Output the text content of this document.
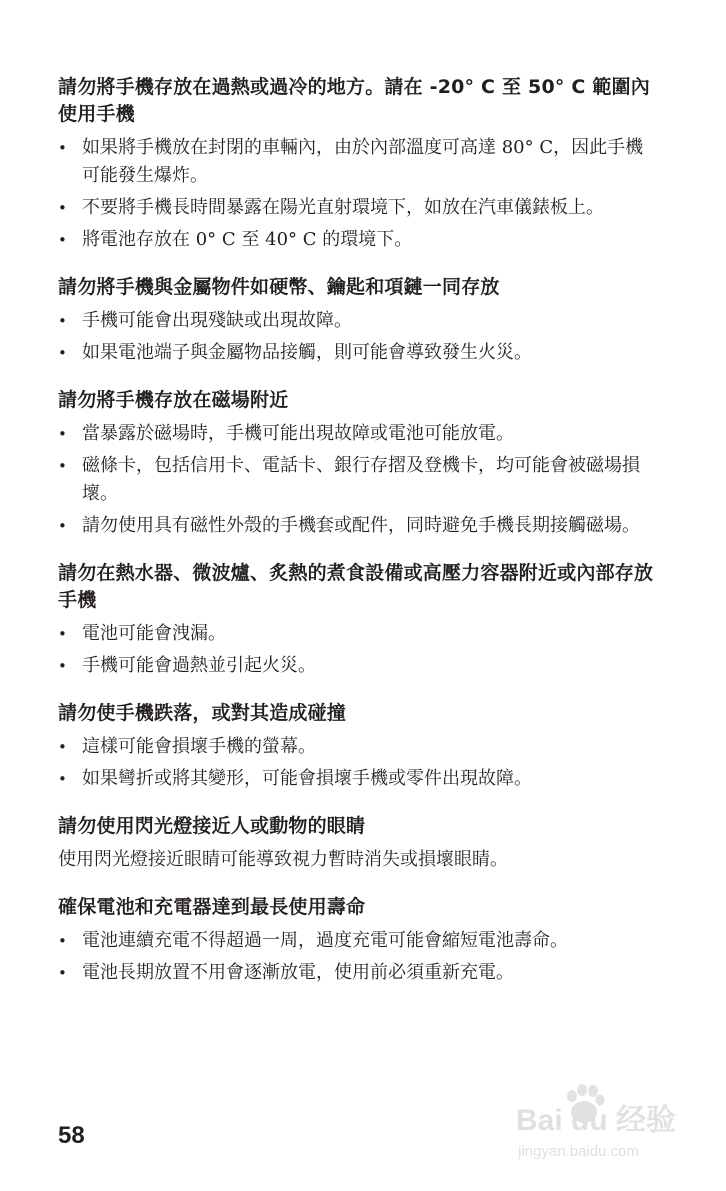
請勿將手機存放在過熱或過冷的地方。請在 -20° C 至 50° C 範圍內使用手機

• 如果將手機放在封閉的車輛內，由於內部溫度可高達 80° C，因此手機可能發生爆炸。
• 不要將手機長時間暴露在陽光直射環境下，如放在汽車儀錶板上。
• 將電池存放在 0° C 至 40° C 的環境下。

請勿將手機與金屬物件如硬幣、鑰匙和項鏈一同存放

• 手機可能會出現殘缺或出現故障。
• 如果電池端子與金屬物品接觸，則可能會導致發生火災。

請勿將手機存放在磁場附近

• 當暴露於磁場時，手機可能出現故障或電池可能放電。
• 磁條卡，包括信用卡、電話卡、銀行存摺及登機卡，均可能會被磁場損壞。
• 請勿使用具有磁性外殼的手機套或配件，同時避免手機長期接觸磁場。

請勿在熱水器、微波爐、炙熱的煮食設備或高壓力容器附近或內部存放手機

• 電池可能會洩漏。
• 手機可能會過熱並引起火災。

請勿使手機跌落，或對其造成碰撞

• 這樣可能會損壞手機的螢幕。
• 如果彎折或將其變形，可能會損壞手機或零件出現故障。

請勿使用閃光燈接近人或動物的眼睛

使用閃光燈接近眼睛可能導致視力暫時消失或損壞眼睛。

確保電池和充電器達到最長使用壽命

• 電池連續充電不得超過一周，過度充電可能會縮短電池壽命。
• 電池長期放置不用會逐漸放電，使用前必須重新充電。
58	Bai du 经验
jingyan.baidu.com
